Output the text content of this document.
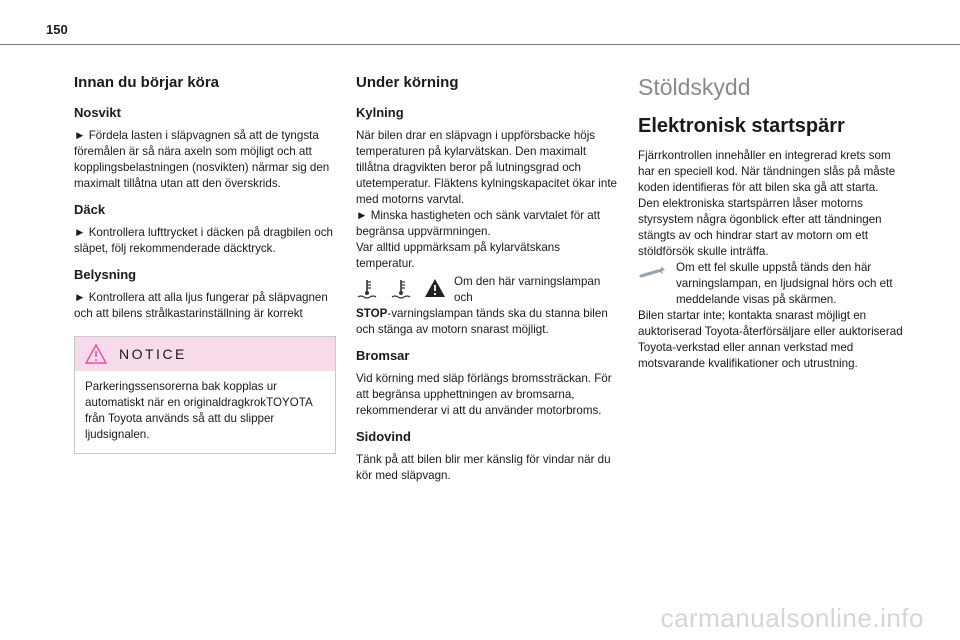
150
Innan du börjar köra
Nosvikt

► Fördela lasten i släpvagnen så att de tyngsta föremålen är så nära axeln som möjligt och att kopplingsbelastningen (nosvikten) närmar sig den maximalt tillåtna utan att den överskrids.

Däck

► Kontrollera lufttrycket i däcken på dragbilen och släpet, följ rekommenderade däcktryck.

Belysning

► Kontrollera att alla ljus fungerar på släpvagnen och att bilens strålkastarinställning är korrekt

NOTICE

Parkeringssensorerna bak kopplas ur automatiskt när en originaldragkrokTOYOTA från Toyota används så att du slipper ljudsignalen.

Under körning
Kylning

När bilen drar en släpvagn i uppförsbacke höjs temperaturen på kylarvätskan. Den maximalt tillåtna dragvikten beror på lutningsgrad och utetemperatur. Fläktens kylningskapacitet ökar inte med motorns varvtal.

► Minska hastigheten och sänk varvtalet för att begränsa uppvärmningen.

Var alltid uppmärksam på kylarvätskans temperatur.

Om den här varningslampan och

STOP-varningslampan tänds ska du stanna bilen och stänga av motorn snarast möjligt.

Bromsar

Vid körning med släp förlängs bromssträckan. För att begränsa upphettningen av bromsarna, rekommenderar vi att du använder motorbroms.

Sidovind

Tänk på att bilen blir mer känslig för vindar när du kör med släpvagn.

Stöldskydd
Elektronisk startspärr

Fjärrkontrollen innehåller en integrerad krets som har en speciell kod. När tändningen slås på måste koden identifieras för att bilen ska gå att starta.

Den elektroniska startspärren låser motorns styrsystem några ögonblick efter att tändningen stängts av och hindrar start av motorn om ett stöldförsök skulle inträffa.

Om ett fel skulle uppstå tänds den här varningslampan, en ljudsignal hörs och ett meddelande visas på skärmen.

Bilen startar inte; kontakta snarast möjligt en auktoriserad Toyota-återförsäljare eller auktoriserad Toyota-verkstad eller annan verkstad med motsvarande kvalifikationer och utrustning.

carmanualsonline.info
